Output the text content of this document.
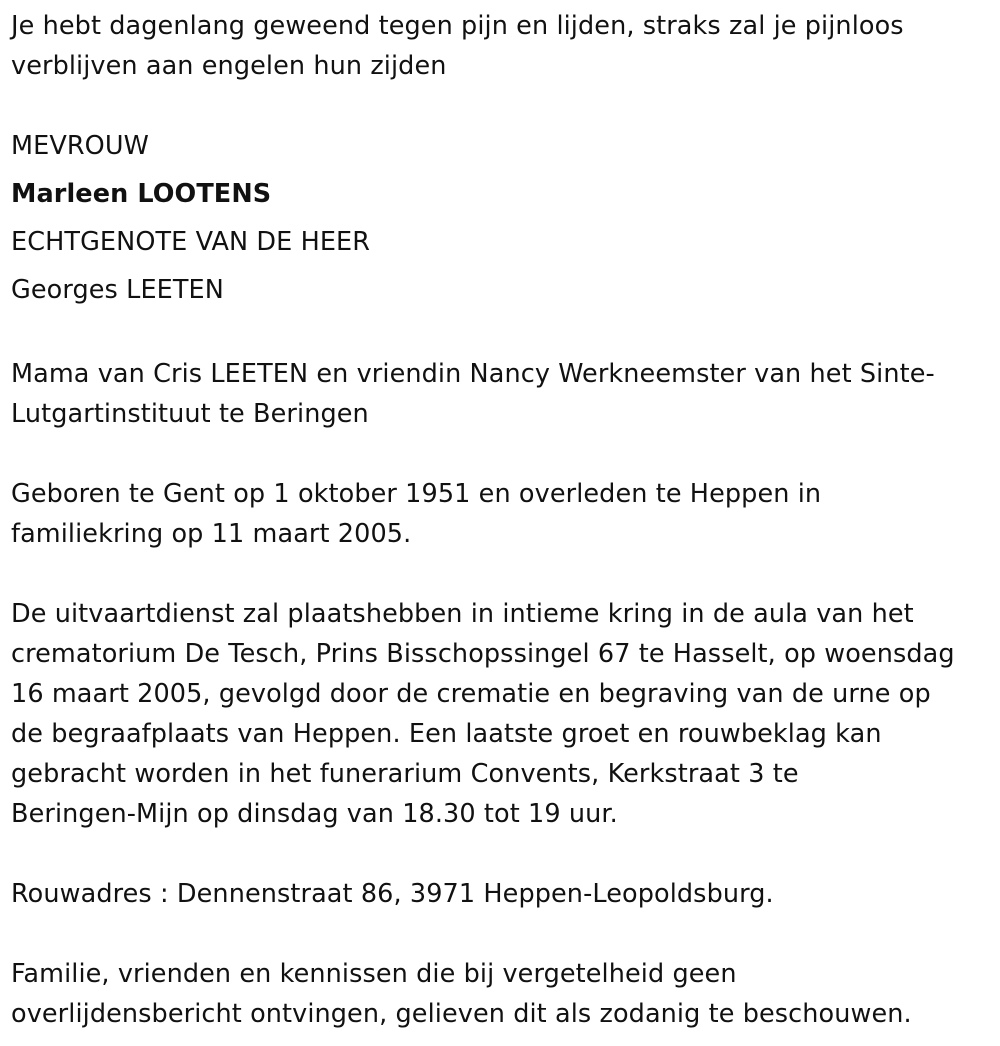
Je hebt dagenlang geweend tegen pijn en lijden, straks zal je pijnloos
verblijven aan engelen hun zijden

MEVROUW
Marleen LOOTENS
ECHTGENOTE VAN DE HEER
Georges LEETEN

Mama van Cris LEETEN en vriendin Nancy Werkneemster van het Sinte-
Lutgartinstituut te Beringen

Geboren te Gent op 1 oktober 1951 en overleden te Heppen in
familiekring op 11 maart 2005.

De uitvaartdienst zal plaatshebben in intieme kring in de aula van het
crematorium De Tesch, Prins Bisschopssingel 67 te Hasselt, op woensdag
16 maart 2005, gevolgd door de crematie en begraving van de urne op
de begraafplaats van Heppen. Een laatste groet en rouwbeklag kan
gebracht worden in het funerarium Convents, Kerkstraat 3 te
Beringen-Mijn op dinsdag van 18.30 tot 19 uur.

Rouwadres : Dennenstraat 86, 3971 Heppen-Leopoldsburg.

Familie, vrienden en kennissen die bij vergetelheid geen
overlijdensbericht ontvingen, gelieven dit als zodanig te beschouwen.
